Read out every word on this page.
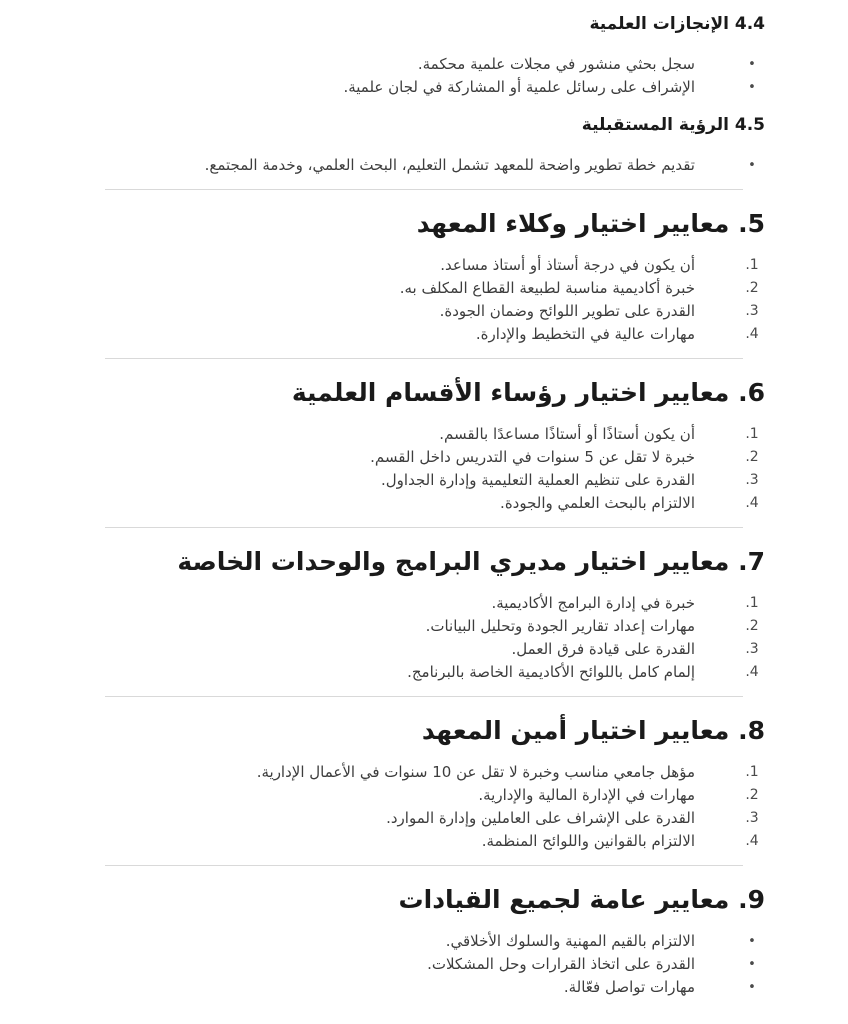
4.4 الإنجازات العلمية
•
سجل بحثي منشور في مجلات علمية محكمة.
•
الإشراف على رسائل علمية أو المشاركة في لجان علمية.
4.5 الرؤية المستقبلية
•
تقديم خطة تطوير واضحة للمعهد تشمل التعليم، البحث العلمي، وخدمة المجتمع.
5. معايير اختيار وكلاء المعهد
.1
أن يكون في درجة أستاذ أو أستاذ مساعد.
.2
خبرة أكاديمية مناسبة لطبيعة القطاع المكلف به.
.3
القدرة على تطوير اللوائح وضمان الجودة.
.4
مهارات عالية في التخطيط والإدارة.
6. معايير اختيار رؤساء الأقسام العلمية
.1
أن يكون أستاذًا أو أستاذًا مساعدًا بالقسم.
.2
خبرة لا تقل عن 5 سنوات في التدريس داخل القسم.
.3
القدرة على تنظيم العملية التعليمية وإدارة الجداول.
.4
الالتزام بالبحث العلمي والجودة.
7. معايير اختيار مديري البرامج والوحدات الخاصة
.1
خبرة في إدارة البرامج الأكاديمية.
.2
مهارات إعداد تقارير الجودة وتحليل البيانات.
.3
القدرة على قيادة فرق العمل.
.4
إلمام كامل باللوائح الأكاديمية الخاصة بالبرنامج.
8. معايير اختيار أمين المعهد
.1
مؤهل جامعي مناسب وخبرة لا تقل عن 10 سنوات في الأعمال الإدارية.
.2
مهارات في الإدارة المالية والإدارية.
.3
القدرة على الإشراف على العاملين وإدارة الموارد.
.4
الالتزام بالقوانين واللوائح المنظمة.
9. معايير عامة لجميع القيادات
•
الالتزام بالقيم المهنية والسلوك الأخلاقي.
•
القدرة على اتخاذ القرارات وحل المشكلات.
•
مهارات تواصل فعّالة.
